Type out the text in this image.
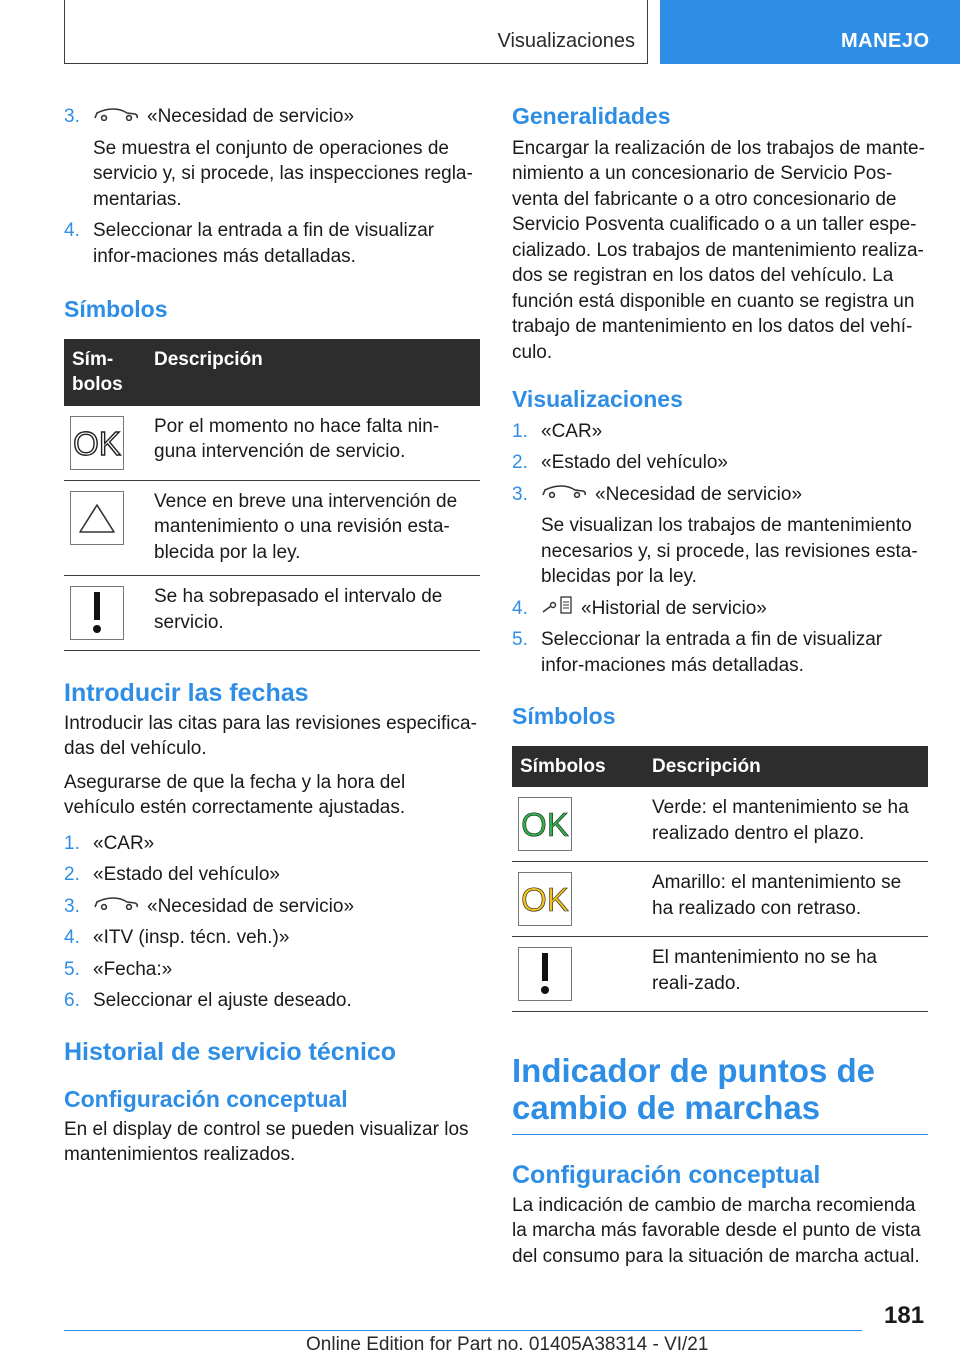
Visualizaciones	MANEJO
3.	«Necesidad de servicio»

Se muestra el conjunto de operaciones de servicio y, si procede, las inspecciones regla‐mentarias.

4. Seleccionar la entrada a fin de visualizar infor‐maciones más detalladas.
Símbolos
Sím‐bolos	Descripción

OK	Por el momento no hace falta nin‐guna intervención de servicio.

	Vence en breve una intervención de mantenimiento o una revisión esta‐blecida por la ley.

	Se ha sobrepasado el intervalo de servicio.
Introducir las fechas

Introducir las citas para las revisiones especifica‐das del vehículo.

Asegurarse de que la fecha y la hora del vehículo estén correctamente ajustadas.

1. «CAR»
2. «Estado del vehículo»
3.	«Necesidad de servicio»
4. «ITV (insp. técn. veh.)»
5. «Fecha:»
6. Seleccionar el ajuste deseado.
Historial de servicio técnico
Configuración conceptual

En el display de control se pueden visualizar los mantenimientos realizados.

Generalidades

Encargar la realización de los trabajos de mante‐nimiento a un concesionario de Servicio Pos‐venta del fabricante o a otro concesionario de Servicio Posventa cualificado o a un taller espe‐cializado. Los trabajos de mantenimiento realiza‐dos se registran en los datos del vehículo. La función está disponible en cuanto se registra un trabajo de mantenimiento en los datos del vehí‐culo.

Visualizaciones
1. «CAR»
2. «Estado del vehículo»
3.	«Necesidad de servicio»

Se visualizan los trabajos de mantenimiento necesarios y, si procede, las revisiones esta‐blecidas por la ley.

4.	«Historial de servicio»
5. Seleccionar la entrada a fin de visualizar infor‐maciones más detalladas.
Símbolos
Símbolos	Descripción

OK	Verde: el mantenimiento se ha realizado dentro el plazo.

OK	Amarillo: el mantenimiento se ha realizado con retraso.

	El mantenimiento no se ha reali‐zado.
Indicador de puntos de cambio de marchas
Configuración conceptual

La indicación de cambio de marcha recomienda la marcha más favorable desde el punto de vista del consumo para la situación de marcha actual.

181
Online Edition for Part no. 01405A38314 - VI/21
